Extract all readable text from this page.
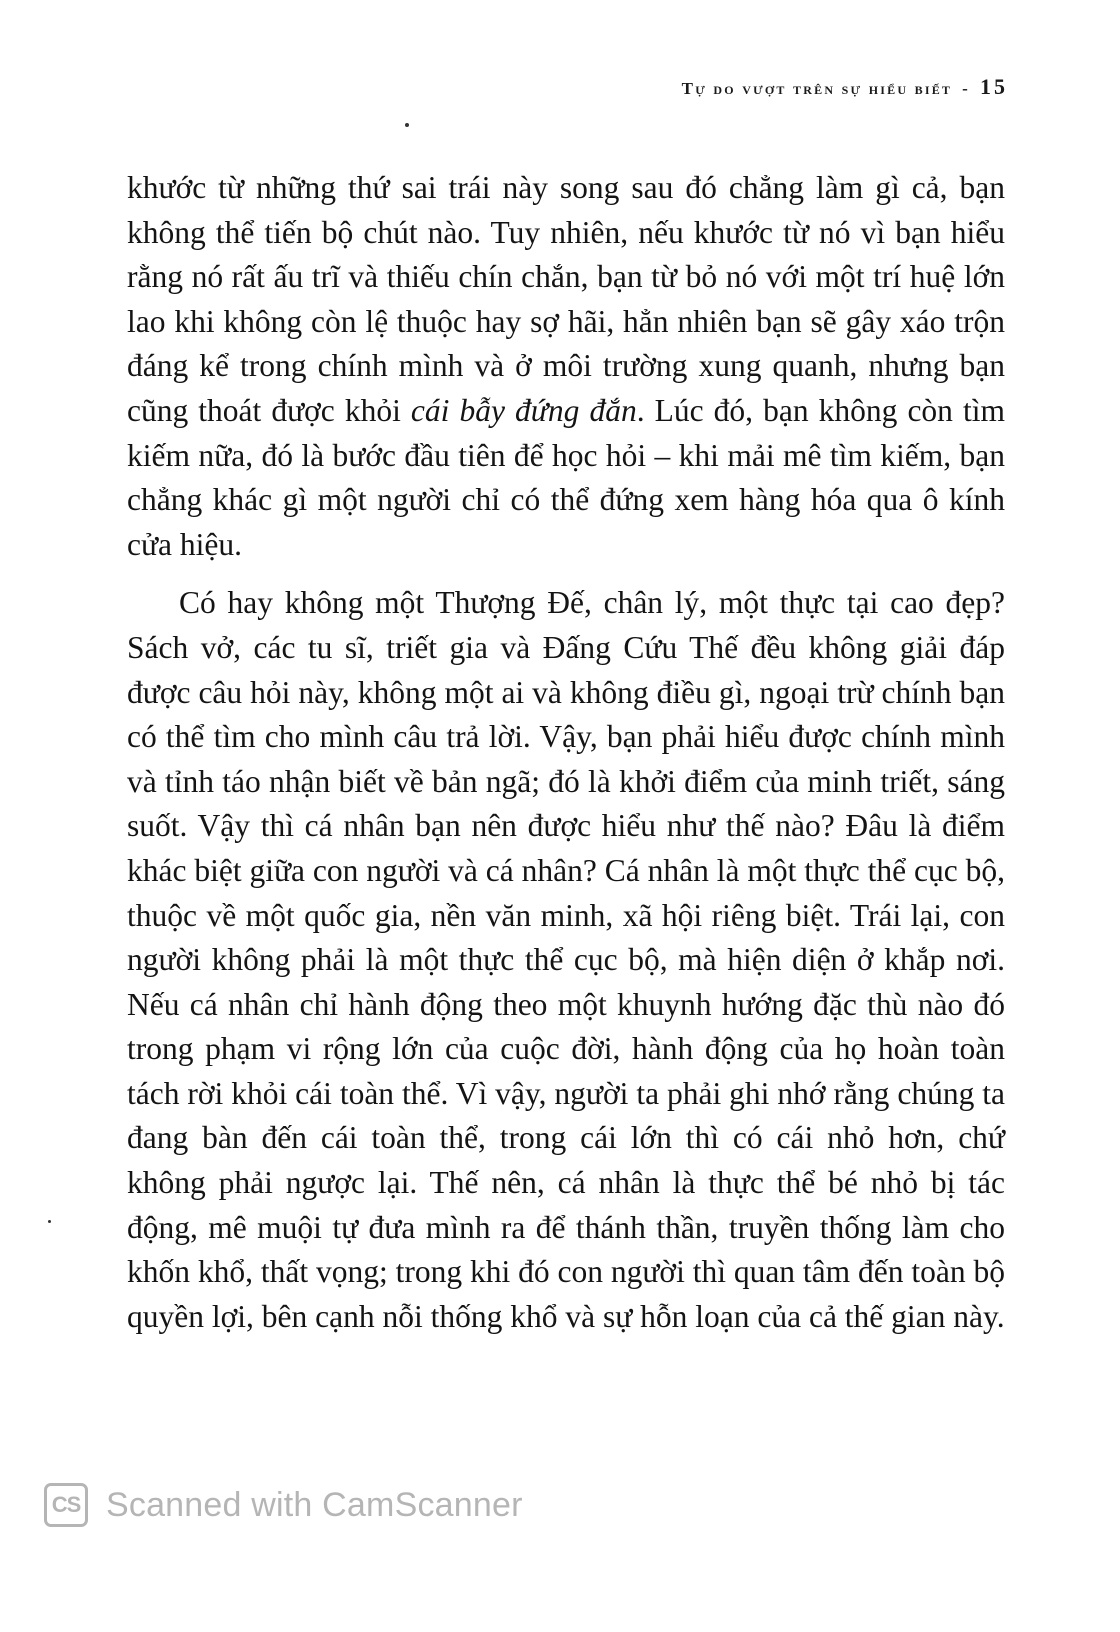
Tự do vượt trên sự hiểu biết - 15

khước từ những thứ sai trái này song sau đó chẳng làm gì cả, bạn không thể tiến bộ chút nào. Tuy nhiên, nếu khước từ nó vì bạn hiểu rằng nó rất ấu trĩ và thiếu chín chắn, bạn từ bỏ nó với một trí huệ lớn lao khi không còn lệ thuộc hay sợ hãi, hẳn nhiên bạn sẽ gây xáo trộn đáng kể trong chính mình và ở môi trường xung quanh, nhưng bạn cũng thoát được khỏi cái bẫy đứng đắn. Lúc đó, bạn không còn tìm kiếm nữa, đó là bước đầu tiên để học hỏi – khi mải mê tìm kiếm, bạn chẳng khác gì một người chỉ có thể đứng xem hàng hóa qua ô kính cửa hiệu.

Có hay không một Thượng Đế, chân lý, một thực tại cao đẹp? Sách vở, các tu sĩ, triết gia và Đấng Cứu Thế đều không giải đáp được câu hỏi này, không một ai và không điều gì, ngoại trừ chính bạn có thể tìm cho mình câu trả lời. Vậy, bạn phải hiểu được chính mình và tỉnh táo nhận biết về bản ngã; đó là khởi điểm của minh triết, sáng suốt. Vậy thì cá nhân bạn nên được hiểu như thế nào? Đâu là điểm khác biệt giữa con người và cá nhân? Cá nhân là một thực thể cục bộ, thuộc về một quốc gia, nền văn minh, xã hội riêng biệt. Trái lại, con người không phải là một thực thể cục bộ, mà hiện diện ở khắp nơi. Nếu cá nhân chỉ hành động theo một khuynh hướng đặc thù nào đó trong phạm vi rộng lớn của cuộc đời, hành động của họ hoàn toàn tách rời khỏi cái toàn thể. Vì vậy, người ta phải ghi nhớ rằng chúng ta đang bàn đến cái toàn thể, trong cái lớn thì có cái nhỏ hơn, chứ không phải ngược lại. Thế nên, cá nhân là thực thể bé nhỏ bị tác động, mê muội tự đưa mình ra để thánh thần, truyền thống làm cho khốn khổ, thất vọng; trong khi đó con người thì quan tâm đến toàn bộ quyền lợi, bên cạnh nỗi thống khổ và sự hỗn loạn của cả thế gian này.

CS Scanned with CamScanner
